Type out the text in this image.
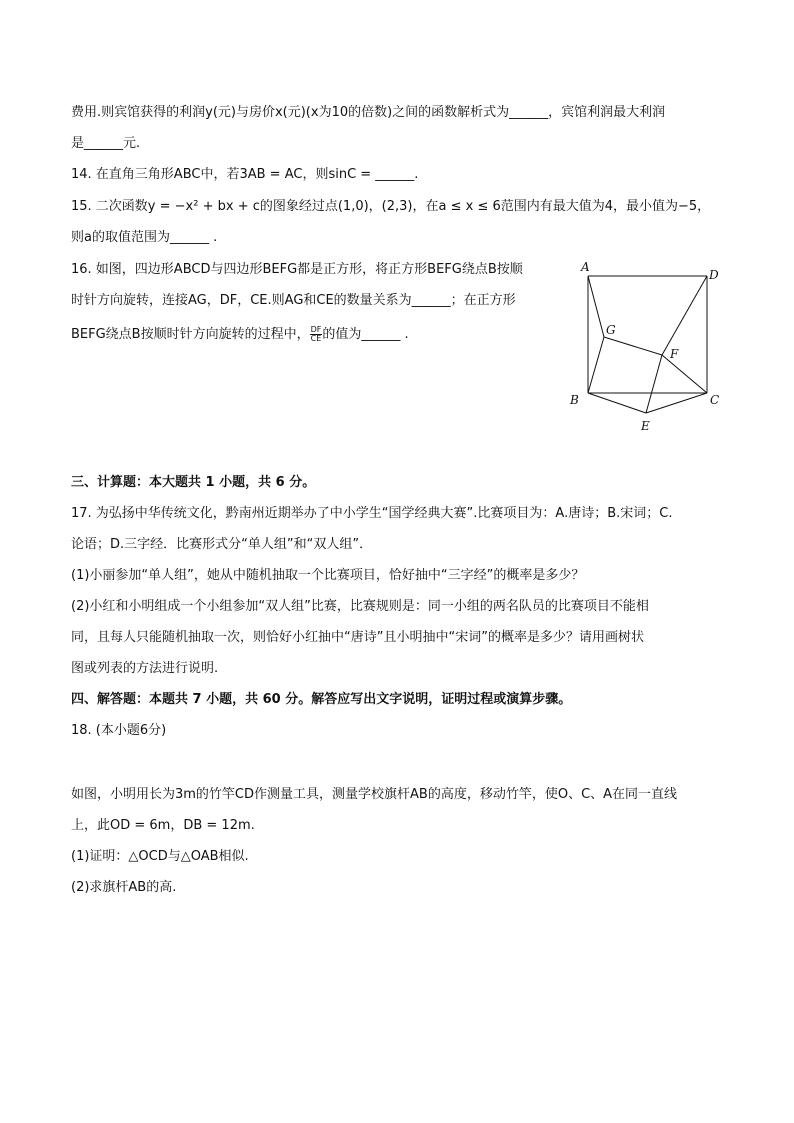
费用.则宾馆获得的利润y(元)与房价x(元)(x为10的倍数)之间的函数解析式为______，宾馆利润最大利润
是______元.
14. 在直角三角形ABC中，若3AB = AC，则sinC = ______.
15. 二次函数y = −x² + bx + c的图象经过点(1,0)，(2,3)，在a ≤ x ≤ 6范围内有最大值为4，最小值为−5，
则a的取值范围为______ .
16. 如图，四边形ABCD与四边形BEFG都是正方形，将正方形BEFG绕点B按顺
时针方向旋转，连接AG，DF，CE.则AG和CE的数量关系为______；在正方形
BEFG绕点B按顺时针方向旋转的过程中， $\frac{DF}{CE}$ 的值为______ .
A
D
G
F
B	C
E
三、计算题：本大题共 1 小题，共 6 分。
17. 为弘扬中华传统文化，黔南州近期举办了中小学生“国学经典大赛”.比赛项目为：A.唐诗；B.宋词；C.
论语；D.三字经．比赛形式分“单人组”和“双人组”．
(1)小丽参加“单人组”，她从中随机抽取一个比赛项目，恰好抽中“三字经”的概率是多少？
(2)小红和小明组成一个小组参加“双人组”比赛，比赛规则是：同一小组的两名队员的比赛项目不能相
同，且每人只能随机抽取一次，则恰好小红抽中“唐诗”且小明抽中“宋词”的概率是多少？请用画树状
图或列表的方法进行说明.
四、解答题：本题共 7 小题，共 60 分。解答应写出文字说明，证明过程或演算步骤。
18. (本小题6分)
如图，小明用长为3m的竹竿CD作测量工具，测量学校旗杆AB的高度，移动竹竿，使O、C、A在同一直线
上，此OD = 6m，DB = 12m.
(1)证明：△OCD与△OAB相似.
(2)求旗杆AB的高.
